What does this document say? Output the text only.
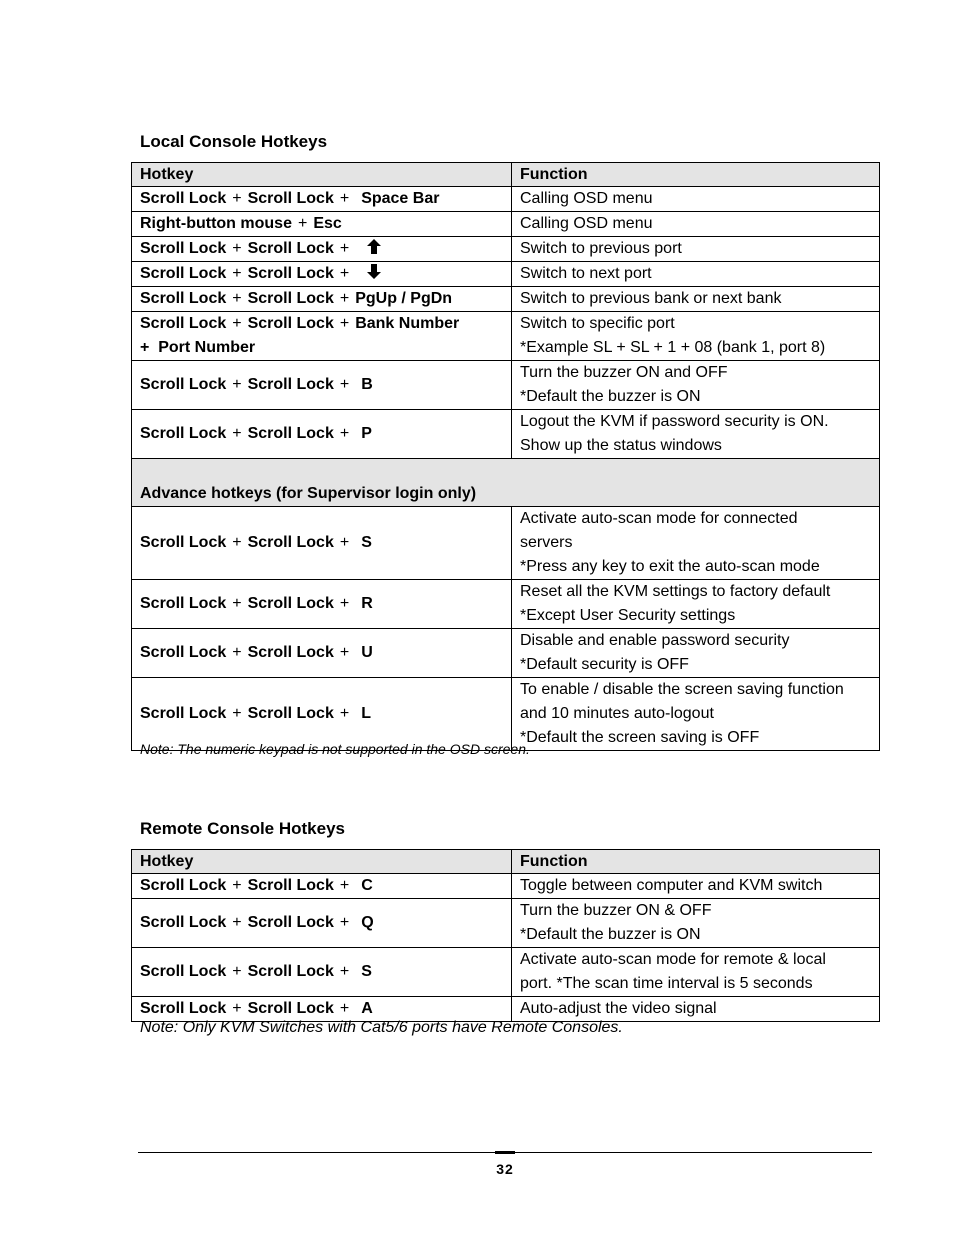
Local Console Hotkeys
Hotkey	Function
Scroll Lock + Scroll Lock + Space Bar	Calling OSD menu

Right-button mouse + Esc	Calling OSD menu

Scroll Lock + Scroll Lock +	Switch to previous port

Scroll Lock + Scroll Lock +	Switch to next port

Scroll Lock + Scroll Lock + PgUp / PgDn	Switch to previous bank or next bank

Scroll Lock + Scroll Lock + Bank Number
+ Port Number	Switch to specific port
*Example SL + SL + 1 + 08 (bank 1, port 8)

Scroll Lock + Scroll Lock + B	Turn the buzzer ON and OFF
*Default the buzzer is ON

Scroll Lock + Scroll Lock + P	Logout the KVM if password security is ON.
Show up the status windows

Advance hotkeys (for Supervisor login only)	
Scroll Lock + Scroll Lock + S	Activate auto-scan mode for connected
servers
*Press any key to exit the auto-scan mode

Scroll Lock + Scroll Lock + R	Reset all the KVM settings to factory default
*Except User Security settings

Scroll Lock + Scroll Lock + U	Disable and enable password security
*Default security is OFF

Scroll Lock + Scroll Lock + L	To enable / disable the screen saving function
and 10 minutes auto-logout
*Default the screen saving is OFF

Note: The numeric keypad is not supported in the OSD screen.

Remote Console Hotkeys
Hotkey	Function
Scroll Lock + Scroll Lock + C	Toggle between computer and KVM switch

Scroll Lock + Scroll Lock + Q	Turn the buzzer ON & OFF
*Default the buzzer is ON

Scroll Lock + Scroll Lock + S	Activate auto-scan mode for remote & local
port. *The scan time interval is 5 seconds

Scroll Lock + Scroll Lock + A	Auto-adjust the video signal

Note: Only KVM Switches with Cat5/6 ports have Remote Consoles.

32
